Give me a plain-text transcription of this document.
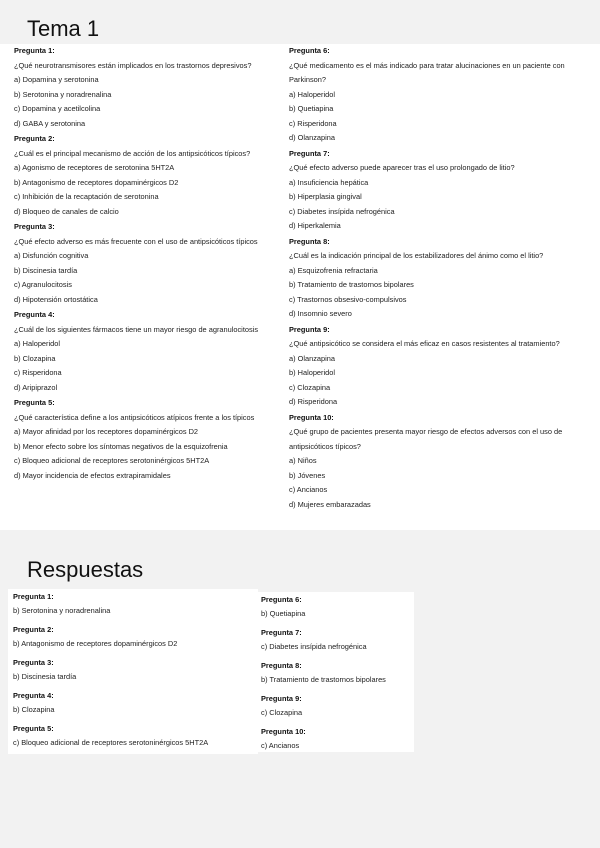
Tema 1
Pregunta 1:
¿Qué neurotransmisores están implicados en los trastornos depresivos?
a) Dopamina y serotonina
b) Serotonina y noradrenalina
c) Dopamina y acetilcolina
d) GABA y serotonina
Pregunta 2:
¿Cuál es el principal mecanismo de acción de los antipsicóticos típicos?
a) Agonismo de receptores de serotonina 5HT2A
b) Antagonismo de receptores dopaminérgicos D2
c) Inhibición de la recaptación de serotonina
d) Bloqueo de canales de calcio
Pregunta 3:
¿Qué efecto adverso es más frecuente con el uso de antipsicóticos típicos
a) Disfunción cognitiva
b) Discinesia tardía
c) Agranulocitosis
d) Hipotensión ortostática
Pregunta 4:
¿Cuál de los siguientes fármacos tiene un mayor riesgo de agranulocitosis
a) Haloperidol
b) Clozapina
c) Risperidona
d) Aripiprazol
Pregunta 5:
¿Qué característica define a los antipsicóticos atípicos frente a los típicos
a) Mayor afinidad por los receptores dopaminérgicos D2
b) Menor efecto sobre los síntomas negativos de la esquizofrenia
c) Bloqueo adicional de receptores serotoninérgicos 5HT2A
d) Mayor incidencia de efectos extrapiramidales
Pregunta 6:
¿Qué medicamento es el más indicado para tratar alucinaciones en un paciente con Parkinson?
a) Haloperidol
b) Quetiapina
c) Risperidona
d) Olanzapina
Pregunta 7:
¿Qué efecto adverso puede aparecer tras el uso prolongado de litio?
a) Insuficiencia hepática
b) Hiperplasia gingival
c) Diabetes insípida nefrogénica
d) Hiperkalemia
Pregunta 8:
¿Cuál es la indicación principal de los estabilizadores del ánimo como el litio?
a) Esquizofrenia refractaria
b) Tratamiento de trastornos bipolares
c) Trastornos obsesivo-compulsivos
d) Insomnio severo
Pregunta 9:
¿Qué antipsicótico se considera el más eficaz en casos resistentes al tratamiento?
a) Olanzapina
b) Haloperidol
c) Clozapina
d) Risperidona
Pregunta 10:
¿Qué grupo de pacientes presenta mayor riesgo de efectos adversos con el uso de antipsicóticos típicos?
a) Niños
b) Jóvenes
c) Ancianos
d) Mujeres embarazadas
Respuestas
Pregunta 1:
b) Serotonina y noradrenalina
Pregunta 2:
b) Antagonismo de receptores dopaminérgicos D2
Pregunta 3:
b) Discinesia tardía
Pregunta 4:
b) Clozapina
Pregunta 5:
c) Bloqueo adicional de receptores serotoninérgicos 5HT2A
Pregunta 6:
b) Quetiapina
Pregunta 7:
c) Diabetes insípida nefrogénica
Pregunta 8:
b) Tratamiento de trastornos bipolares
Pregunta 9:
c) Clozapina
Pregunta 10:
c) Ancianos
